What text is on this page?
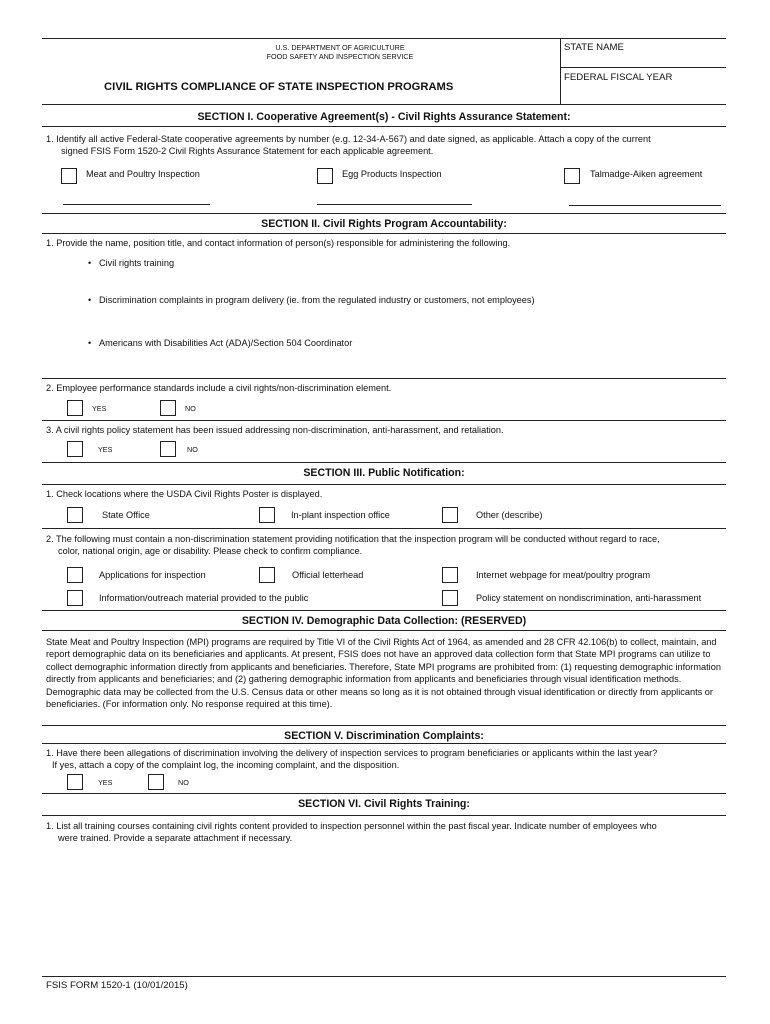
U.S. DEPARTMENT OF AGRICULTURE
FOOD SAFETY AND INSPECTION SERVICE
CIVIL RIGHTS COMPLIANCE OF STATE INSPECTION PROGRAMS
STATE NAME
FEDERAL FISCAL YEAR
SECTION I. Cooperative Agreement(s) - Civil Rights Assurance Statement:
1. Identify all active Federal-State cooperative agreements by number (e.g. 12-34-A-567) and date signed, as applicable. Attach a copy of the current
signed FSIS Form 1520-2 Civil Rights Assurance Statement for each applicable agreement.
Meat and Poultry Inspection	Egg Products Inspection	Talmadge-Aiken agreement
SECTION II. Civil Rights Program Accountability:
1. Provide the name, position title, and contact information of person(s) responsible for administering the following.
• Civil rights training
• Discrimination complaints in program delivery (ie. from the regulated industry or customers, not employees)
• Americans with Disabilities Act (ADA)/Section 504 Coordinator
2. Employee performance standards include a civil rights/non-discrimination element.
YES	NO
3. A civil rights policy statement has been issued addressing non-discrimination, anti-harassment, and retaliation.
YES	NO
SECTION III. Public Notification:
1. Check locations where the USDA Civil Rights Poster is displayed.
State Office	In-plant inspection office	Other (describe)
2. The following must contain a non-discrimination statement providing notification that the inspection program will be conducted without regard to race,
color, national origin, age or disability. Please check to confirm compliance.
Applications for inspection	Official letterhead	Internet webpage for meat/poultry program
Information/outreach material provided to the public	Policy statement on nondiscrimination, anti-harassment
SECTION IV. Demographic Data Collection: (RESERVED)
State Meat and Poultry Inspection (MPI) programs are required by Title VI of the Civil Rights Act of 1964, as amended and 28 CFR 42.106(b) to collect, maintain, and report demographic data on its beneficiaries and applicants. At present, FSIS does not have an approved data collection form that State MPI programs can utilize to collect demographic information directly from applicants and beneficiaries. Therefore, State MPI programs are prohibited from: (1) requesting demographic information directly from applicants and beneficiaries; and (2) gathering demographic information from applicants and beneficiaries through visual identification methods. Demographic data may be collected from the U.S. Census data or other means so long as it is not obtained through visual identification or directly from applicants or beneficiaries. (For information only. No response required at this time).
SECTION V. Discrimination Complaints:
1. Have there been allegations of discrimination involving the delivery of inspection services to program beneficiaries or applicants within the last year?
If yes, attach a copy of the complaint log, the incoming complaint, and the disposition.
YES	NO
SECTION VI. Civil Rights Training:
1. List all training courses containing civil rights content provided to inspection personnel within the past fiscal year. Indicate number of employees who
were trained. Provide a separate attachment if necessary.
FSIS FORM 1520-1 (10/01/2015)
